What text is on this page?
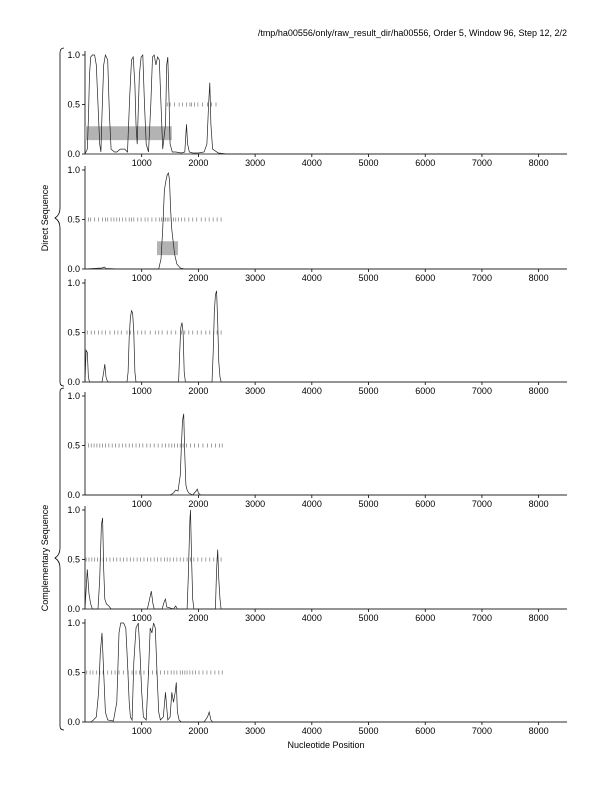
/tmp/ha00556/only/raw_result_dir/ha00556, Order 5, Window 96, Step 12, 2/2
0.0
0.5
1.0
1000	2000	3000	4000	5000	6000	7000	8000
0.0
0.5
1.0
1000	2000	3000	4000	5000	6000	7000	8000
0.0
0.5
1.0
1000	2000	3000	4000	5000	6000	7000	8000
0.0
0.5
1.0
1000	2000	3000	4000	5000	6000	7000	8000
0.0
0.5
1.0
1000	2000	3000	4000	5000	6000	7000	8000
0.0
0.5
1.0
1000	2000	3000	4000	5000	6000	7000	8000
Direct Sequence
Complementary Sequence
Nucleotide Position
